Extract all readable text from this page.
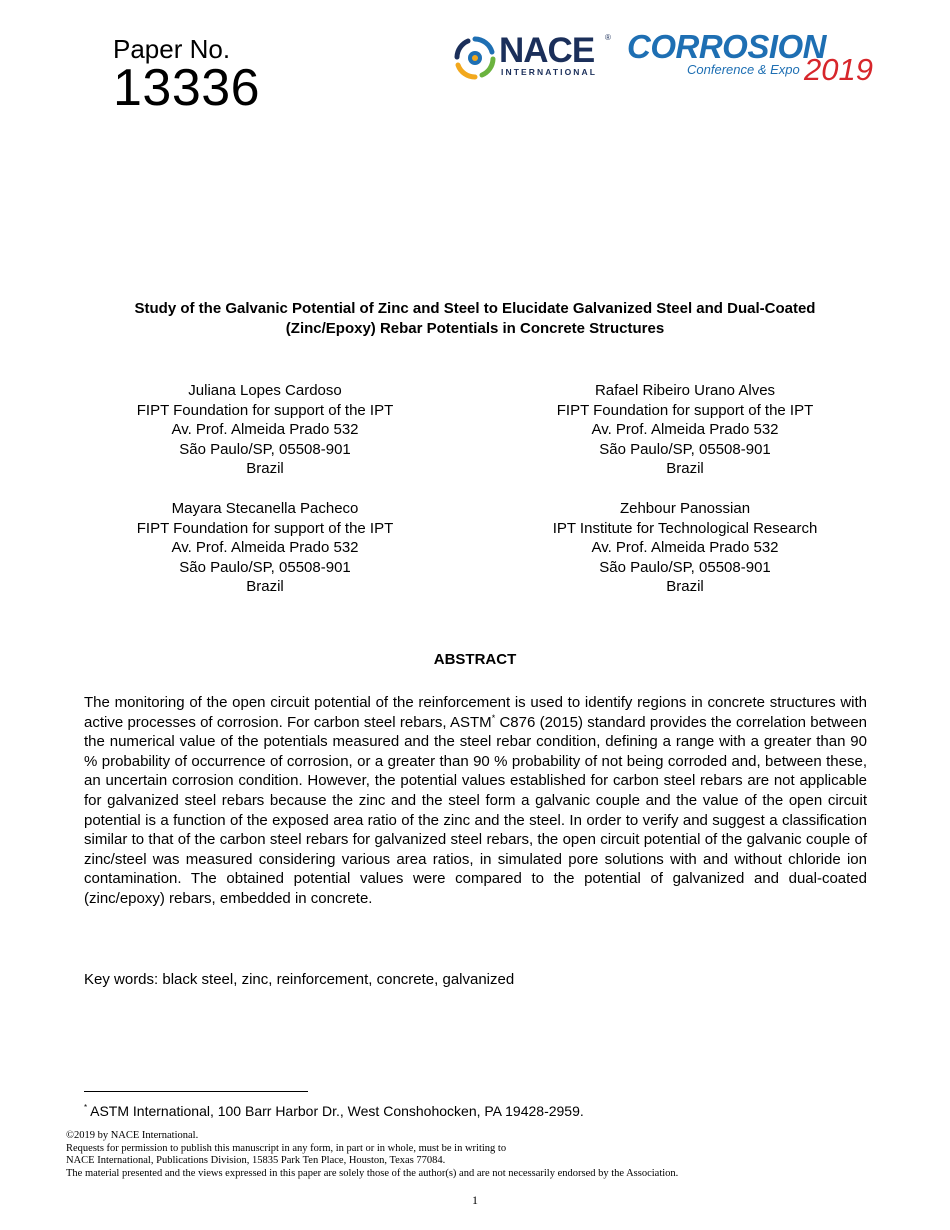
Paper No.
13336
NACE ®
INTERNATIONAL
CORROSION
Conference & Expo 2019
Study of the Galvanic Potential of Zinc and Steel to Elucidate Galvanized Steel and Dual-Coated
(Zinc/Epoxy) Rebar Potentials in Concrete Structures
Juliana Lopes Cardoso
FIPT Foundation for support of the IPT
Av. Prof. Almeida Prado 532
São Paulo/SP, 05508-901
Brazil
Rafael Ribeiro Urano Alves
FIPT Foundation for support of the IPT
Av. Prof. Almeida Prado 532
São Paulo/SP, 05508-901
Brazil
Mayara Stecanella Pacheco
FIPT Foundation for support of the IPT
Av. Prof. Almeida Prado 532
São Paulo/SP, 05508-901
Brazil
Zehbour Panossian
IPT Institute for Technological Research
Av. Prof. Almeida Prado 532
São Paulo/SP, 05508-901
Brazil
ABSTRACT
The monitoring of the open circuit potential of the reinforcement is used to identify regions in concrete structures with active processes of corrosion. For carbon steel rebars, ASTM* C876 (2015) standard provides the correlation between the numerical value of the potentials measured and the steel rebar condition, defining a range with a greater than 90 % probability of occurrence of corrosion, or a greater than 90 % probability of not being corroded and, between these, an uncertain corrosion condition. However, the potential values established for carbon steel rebars are not applicable for galvanized steel rebars because the zinc and the steel form a galvanic couple and the value of the open circuit potential is a function of the exposed area ratio of the zinc and the steel. In order to verify and suggest a classification similar to that of the carbon steel rebars for galvanized steel rebars, the open circuit potential of the galvanic couple of zinc/steel was measured considering various area ratios, in simulated pore solutions with and without chloride ion contamination. The obtained potential values were compared to the potential of galvanized and dual-coated (zinc/epoxy) rebars, embedded in concrete.
Key words: black steel, zinc, reinforcement, concrete, galvanized
* ASTM International, 100 Barr Harbor Dr., West Conshohocken, PA 19428-2959.
©2019 by NACE International.
Requests for permission to publish this manuscript in any form, in part or in whole, must be in writing to
NACE International, Publications Division, 15835 Park Ten Place, Houston, Texas 77084.
The material presented and the views expressed in this paper are solely those of the author(s) and are not necessarily endorsed by the Association.
1
